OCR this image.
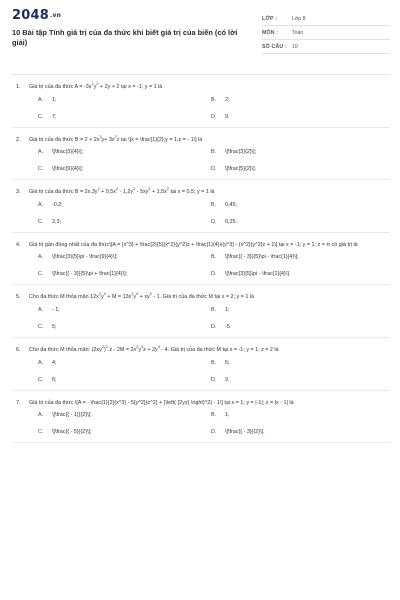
2048.vn
10 Bài tập Tính giá trị của đa thức khi biết giá trị của biến (có lời giải)
LỚP :	Lớp 8
MÔN :	Toán
SỐ CÂU : 10
1.	Giá trị của đa thức $A = -3x^2y^2 + 2y + 2$ tại x = -1; y = 1 là
A.	1;	B.	2;
C.	7;	D.	9.
2.	Giá trị của đa thức $B = 2 + 2x^3y+ 3x^2z$ tại \[x = \frac{1}{2};y = 1;z = - 1\] là
A.	\[\frac{3}{4}\];	B.	\[\frac{3}{2}\];
C.	\[\frac{9}{4}\];	D.	\[\frac{5}{2}\].
3.	Giá trị của đa thức $B = 2x.3y^2 + 0,5x^2 - 1,2y^2 - 5xy^2 + 1,5x^2$ tại x = 0,5; y = 1 là
A.	-0,2;	B.	0,45;
C.	2,3;	D.	0,25.
4.	Giá trị gần đúng nhất của đa thức\[A = {x^3} + \frac{2}{5}{x^2}{y^2}z + \frac{1}{4}x{y^3} - {x^2}{y^2}z + 1\] tại x = -1; y = 1; z = π có giá trị là
A.	\[\frac{3}{5}\pi - \frac{9}{4}\];	B.	\[\frac{{ - 3}}{5}\pi - \frac{1}{4}\];
C.	\[\frac{{ - 3}}{5}\pi + \frac{1}{4}\];	D.	\[\frac{3}{5}\pi - \frac{1}{4}\].
5.	Cho đa thức M thỏa mãn $12x^2y^4 + M = 13x^2y^4 + xy^2 - 1$. Giá trị của đa thức M tại x = 2; y = 1 là
A.	- 1;	B.	1;
C.	5;	D.	-5.
6.	Cho đa thức M thỏa mãn: $(2xy^2)^2.z - 2M = 2x^2y^4z + 2y^4 - 4$. Giá trị của đa thức M tại x = -1; y = 1; z = 2 là
A.	4;	B.	5;
C.	6;	D.	3.
7.	Giá trị của đa thức \[A = - \frac{1}{2}{x^3} - 5{y^2}{z^2} + {\left( {2yz} \right)^2} - 1\] tại x = 1; y = |-1|; z = |x - 1| là
A.	\[\frac{{ - 1}}{2}\];	B.	1;
C.	\[\frac{{ - 5}}{2}\];	D.	\[\frac{{ - 3}}{2}\].
